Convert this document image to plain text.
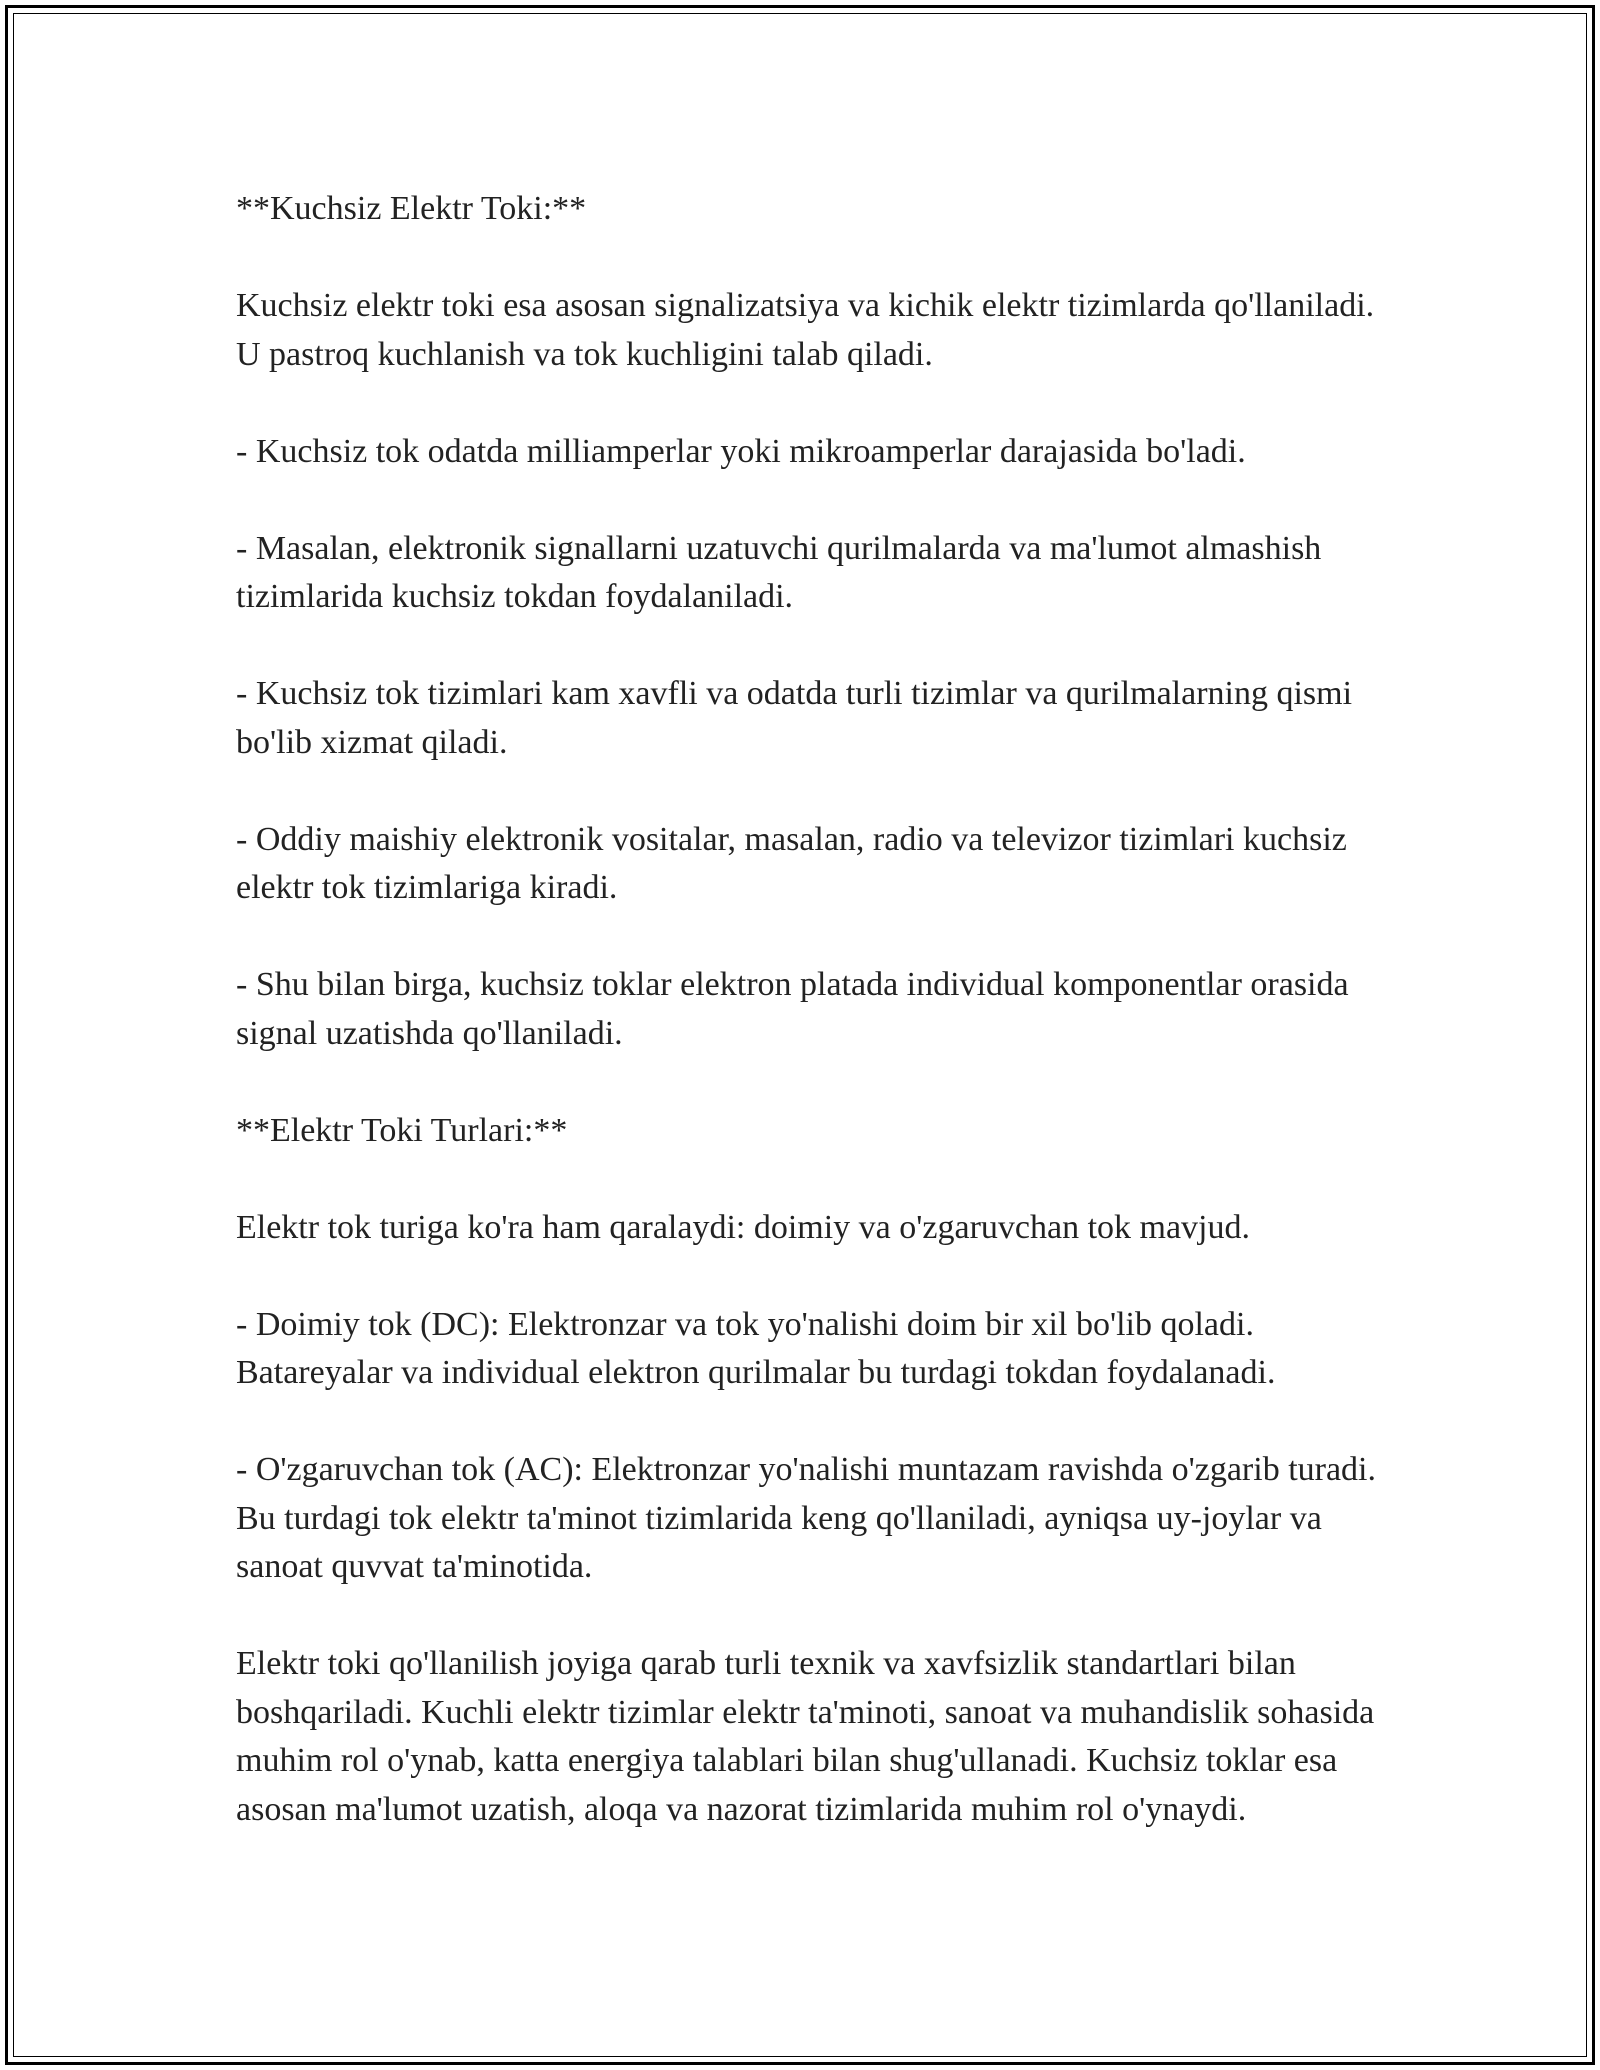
**Kuchsiz Elektr Toki:**

Kuchsiz elektr toki esa asosan signalizatsiya va kichik elektr tizimlarda qo'llaniladi. U pastroq kuchlanish va tok kuchligini talab qiladi.

- Kuchsiz tok odatda milliamperlar yoki mikroamperlar darajasida bo'ladi.

- Masalan, elektronik signallarni uzatuvchi qurilmalarda va ma'lumot almashish tizimlarida kuchsiz tokdan foydalaniladi.

- Kuchsiz tok tizimlari kam xavfli va odatda turli tizimlar va qurilmalarning qismi bo'lib xizmat qiladi.

- Oddiy maishiy elektronik vositalar, masalan, radio va televizor tizimlari kuchsiz elektr tok tizimlariga kiradi.

- Shu bilan birga, kuchsiz toklar elektron platada individual komponentlar orasida signal uzatishda qo'llaniladi.

**Elektr Toki Turlari:**

Elektr tok turiga ko'ra ham qaralaydi: doimiy va o'zgaruvchan tok mavjud.

- Doimiy tok (DC): Elektronzar va tok yo'nalishi doim bir xil bo'lib qoladi. Batareyalar va individual elektron qurilmalar bu turdagi tokdan foydalanadi.

- O'zgaruvchan tok (AC): Elektronzar yo'nalishi muntazam ravishda o'zgarib turadi. Bu turdagi tok elektr ta'minot tizimlarida keng qo'llaniladi, ayniqsa uy-joylar va sanoat quvvat ta'minotida.

Elektr toki qo'llanilish joyiga qarab turli texnik va xavfsizlik standartlari bilan boshqariladi. Kuchli elektr tizimlar elektr ta'minoti, sanoat va muhandislik sohasida muhim rol o'ynab, katta energiya talablari bilan shug'ullanadi. Kuchsiz toklar esa asosan ma'lumot uzatish, aloqa va nazorat tizimlarida muhim rol o'ynaydi.
